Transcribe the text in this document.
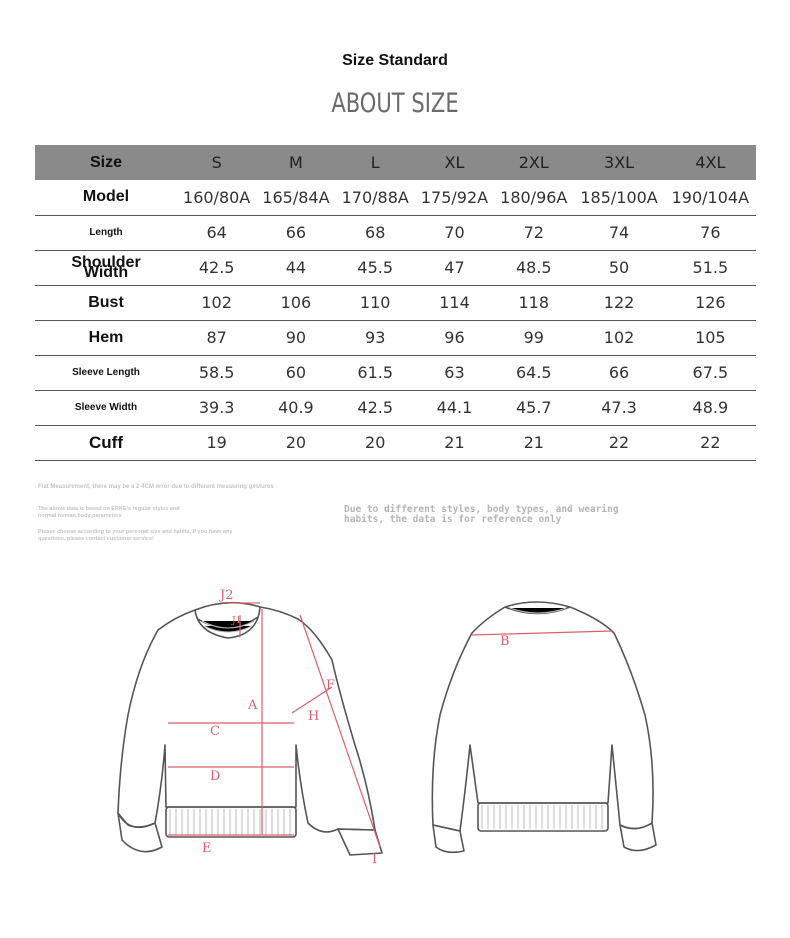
Size Standard
ABOUT SIZE
Size	S	M	L	XL	2XL	3XL	4XL
Model	160/80A	165/84A	170/88A	175/92A	180/96A	185/100A	190/104A
Length	64	66	68	70	72	74	76
Shoulder Width	42.5	44	45.5	47	48.5	50	51.5
Bust	102	106	110	114	118	122	126
Hem	87	90	93	96	99	102	105
Sleeve Length	58.5	60	61.5	63	64.5	66	67.5
Sleeve Width	39.3	40.9	42.5	44.1	45.7	47.3	48.9
Cuff	19	20	20	21	21	22	22
Flat Measurement, there may be a 2-4CM error due to different measuring gestures
The above data is based on ERKE's regular styles and normal human body parameters
Please choose according to your personal size and habits, if you have any questions, please contact customer service!
Due to different styles, body types, and wearing habits, the data is for reference only
J2
J1
A
C
D
E
F
H
I
B
